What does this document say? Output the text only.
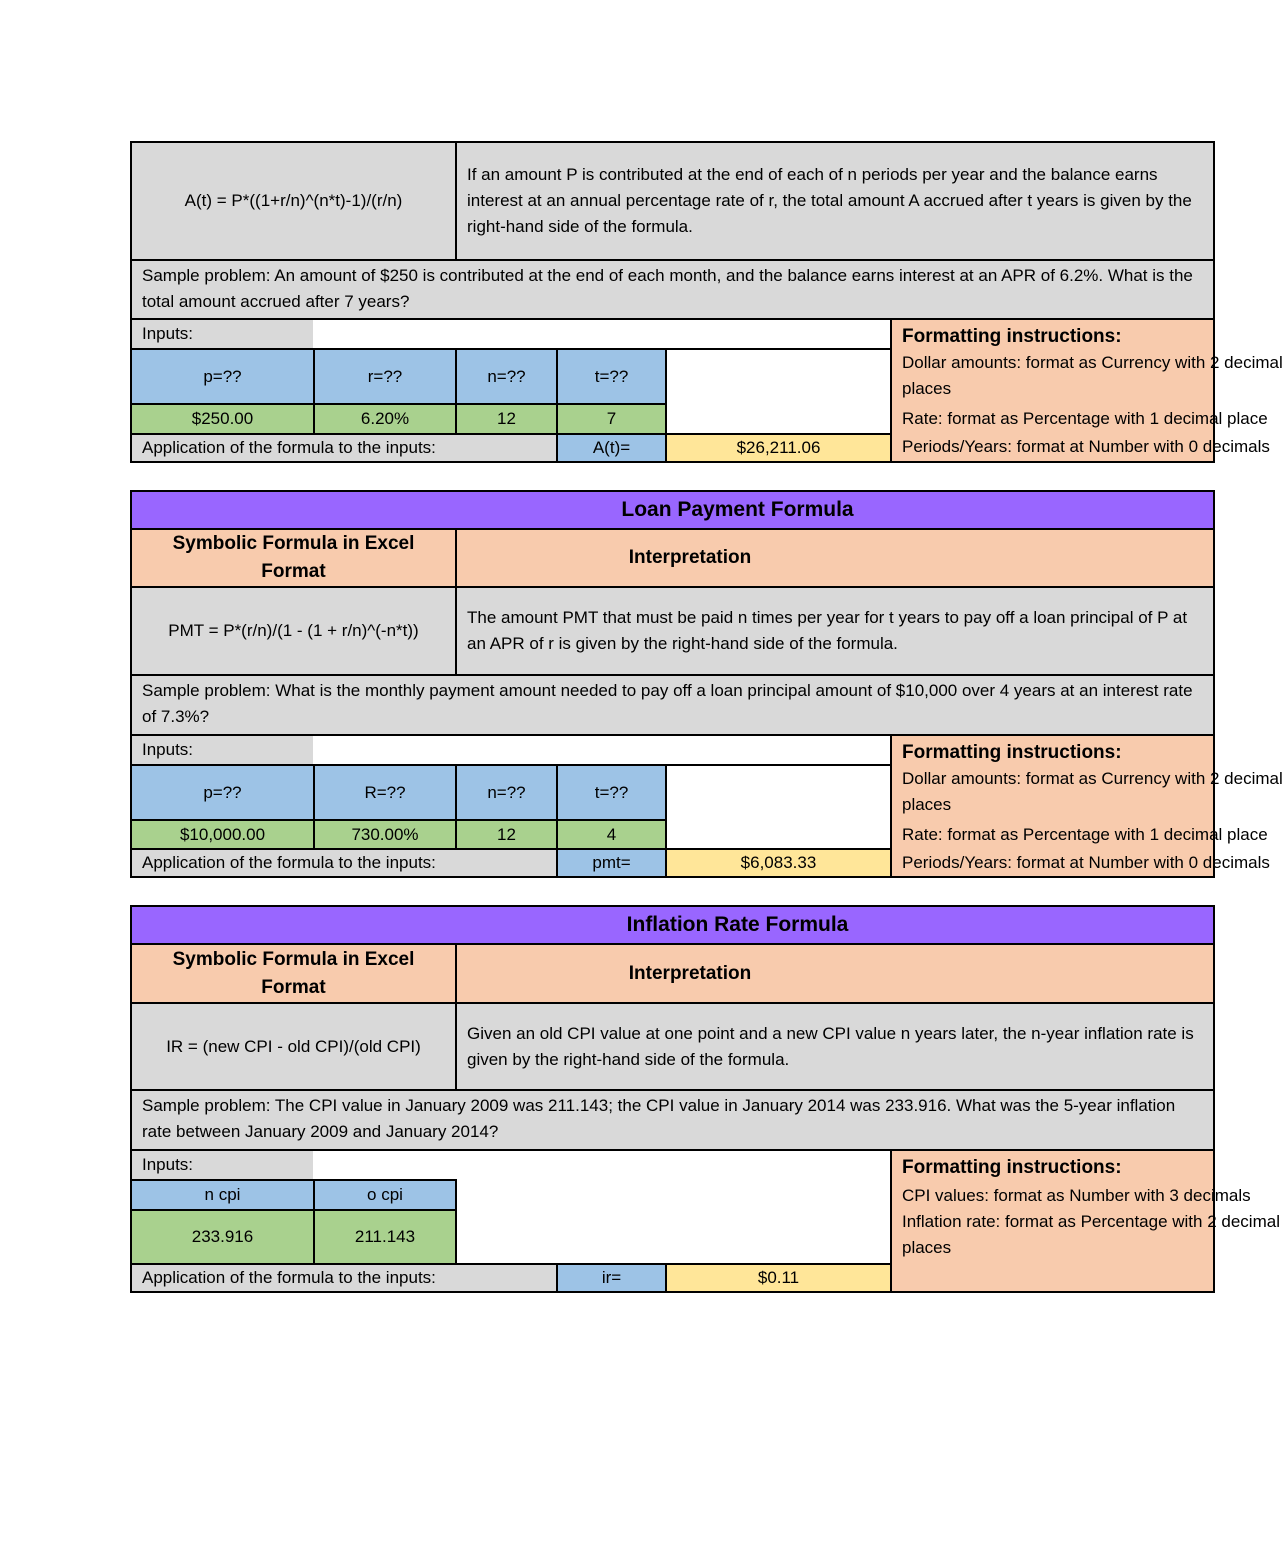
A(t) = P*((1+r/n)^(n*t)-1)/(r/n)
If an amount P is contributed at the end of each of n periods per year and the balance earns interest at an annual percentage rate of r, the total amount A accrued after t years is given by the right-hand side of the formula.
Sample problem: An amount of $250 is contributed at the end of each month, and the balance earns interest at an APR of 6.2%. What is the total amount accrued after 7 years?
Inputs:
p=??	r=??	n=??	t=??
$250.00	6.20%	12	7
Application of the formula to the inputs:	A(t)=	$26,211.06
Formatting instructions:
Dollar amounts: format as Currency with 2 decimal
places
Rate: format as Percentage with 1 decimal place
Periods/Years: format at Number with 0 decimals
Loan Payment Formula
Symbolic Formula in Excel Format
Interpretation
PMT = P*(r/n)/(1 - (1 + r/n)^(-n*t))
The amount PMT that must be paid n times per year for t years to pay off a loan principal of P at an APR of r is given by the right-hand side of the formula.
Sample problem: What is the monthly payment amount needed to pay off a loan principal amount of $10,000 over 4 years at an interest rate of 7.3%?
Inputs:
p=??	R=??	n=??	t=??
$10,000.00	730.00%	12	4
Application of the formula to the inputs:	pmt=	$6,083.33
Formatting instructions:
Dollar amounts: format as Currency with 2 decimal
places
Rate: format as Percentage with 1 decimal place
Periods/Years: format at Number with 0 decimals
Inflation Rate Formula
Symbolic Formula in Excel Format
Interpretation
IR = (new CPI - old CPI)/(old CPI)
Given an old CPI value at one point and a new CPI value n years later, the n-year inflation rate is given by the right-hand side of the formula.
Sample problem: The CPI value in January 2009 was 211.143; the CPI value in January 2014 was 233.916. What was the 5-year inflation rate between January 2009 and January 2014?
Inputs:
n cpi	o cpi
233.916	211.143
Application of the formula to the inputs:	ir=	$0.11
Formatting instructions:
CPI values: format as Number with 3 decimals
Inflation rate: format as Percentage with 2 decimal
places
